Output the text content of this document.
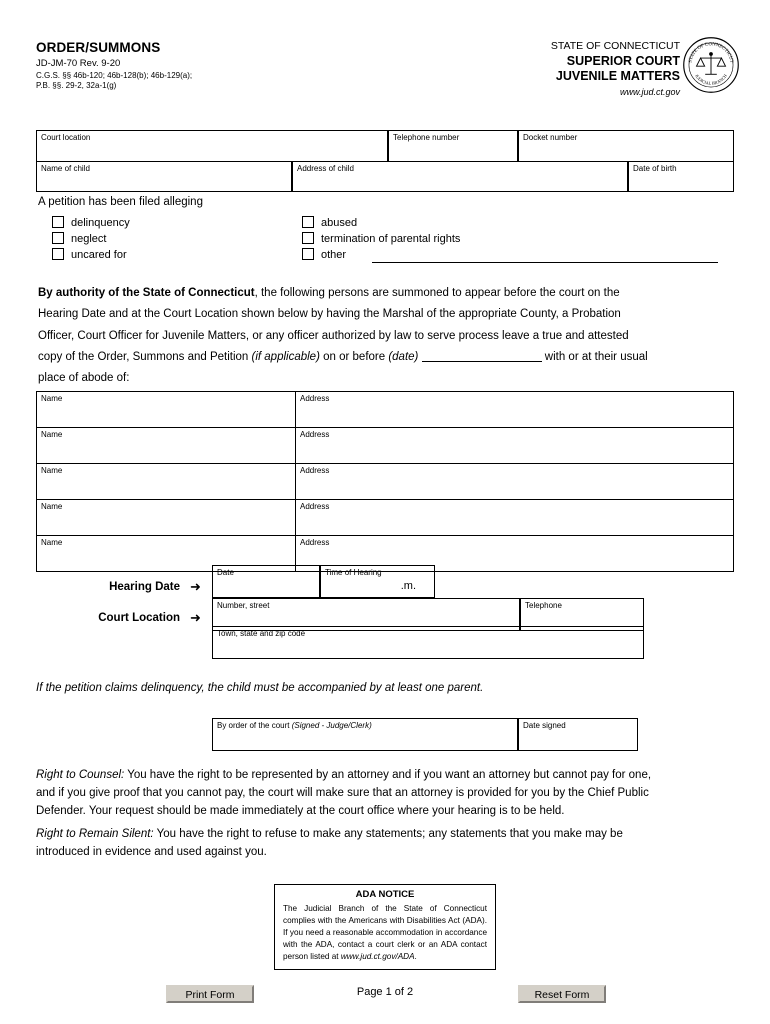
ORDER/SUMMONS
JD-JM-70 Rev. 9-20
C.G.S. §§ 46b-120; 46b-128(b); 46b-129(a);
P.B. §§. 29-2, 32a-1(g)
STATE OF CONNECTICUT
SUPERIOR COURT
JUVENILE MATTERS
www.jud.ct.gov
STATE OF CONNECTICUT
JUDICIAL BRANCH
Court location	Telephone number	Docket number
Name of child	Address of child	Date of birth
A petition has been filed alleging
delinquency
neglect
uncared for
abused
termination of parental rights
other
By authority of the State of Connecticut, the following persons are summoned to appear before the court on the
Hearing Date and at the Court Location shown below by having the Marshal of the appropriate County, a Probation
Officer, Court Officer for Juvenile Matters, or any officer authorized by law to serve process leave a true and attested
copy of the Order, Summons and Petition (if applicable) on or before (date)	with or at their usual
place of abode of:
Name	Address
Name	Address
Name	Address
Name	Address
Name	Address
Hearing Date ➜
Court Location ➜
Date	Time of Hearing
.m.
Number, street	Telephone
Town, state and zip code
If the petition claims delinquency, the child must be accompanied by at least one parent.
By order of the court (Signed - Judge/Clerk)	Date signed
Right to Counsel: You have the right to be represented by an attorney and if you want an attorney but cannot pay for one,
and if you give proof that you cannot pay, the court will make sure that an attorney is provided for you by the Chief Public
Defender. Your request should be made immediately at the court office where your hearing is to be held.
Right to Remain Silent: You have the right to refuse to make any statements; any statements that you make may be
introduced in evidence and used against you.
ADA NOTICE
The Judicial Branch of the State of Connecticut complies with the Americans with Disabilities Act (ADA). If you need a reasonable accommodation in accordance with the ADA, contact a court clerk or an ADA contact person listed at www.jud.ct.gov/ADA.
Print Form	Page 1 of 2	Reset Form
